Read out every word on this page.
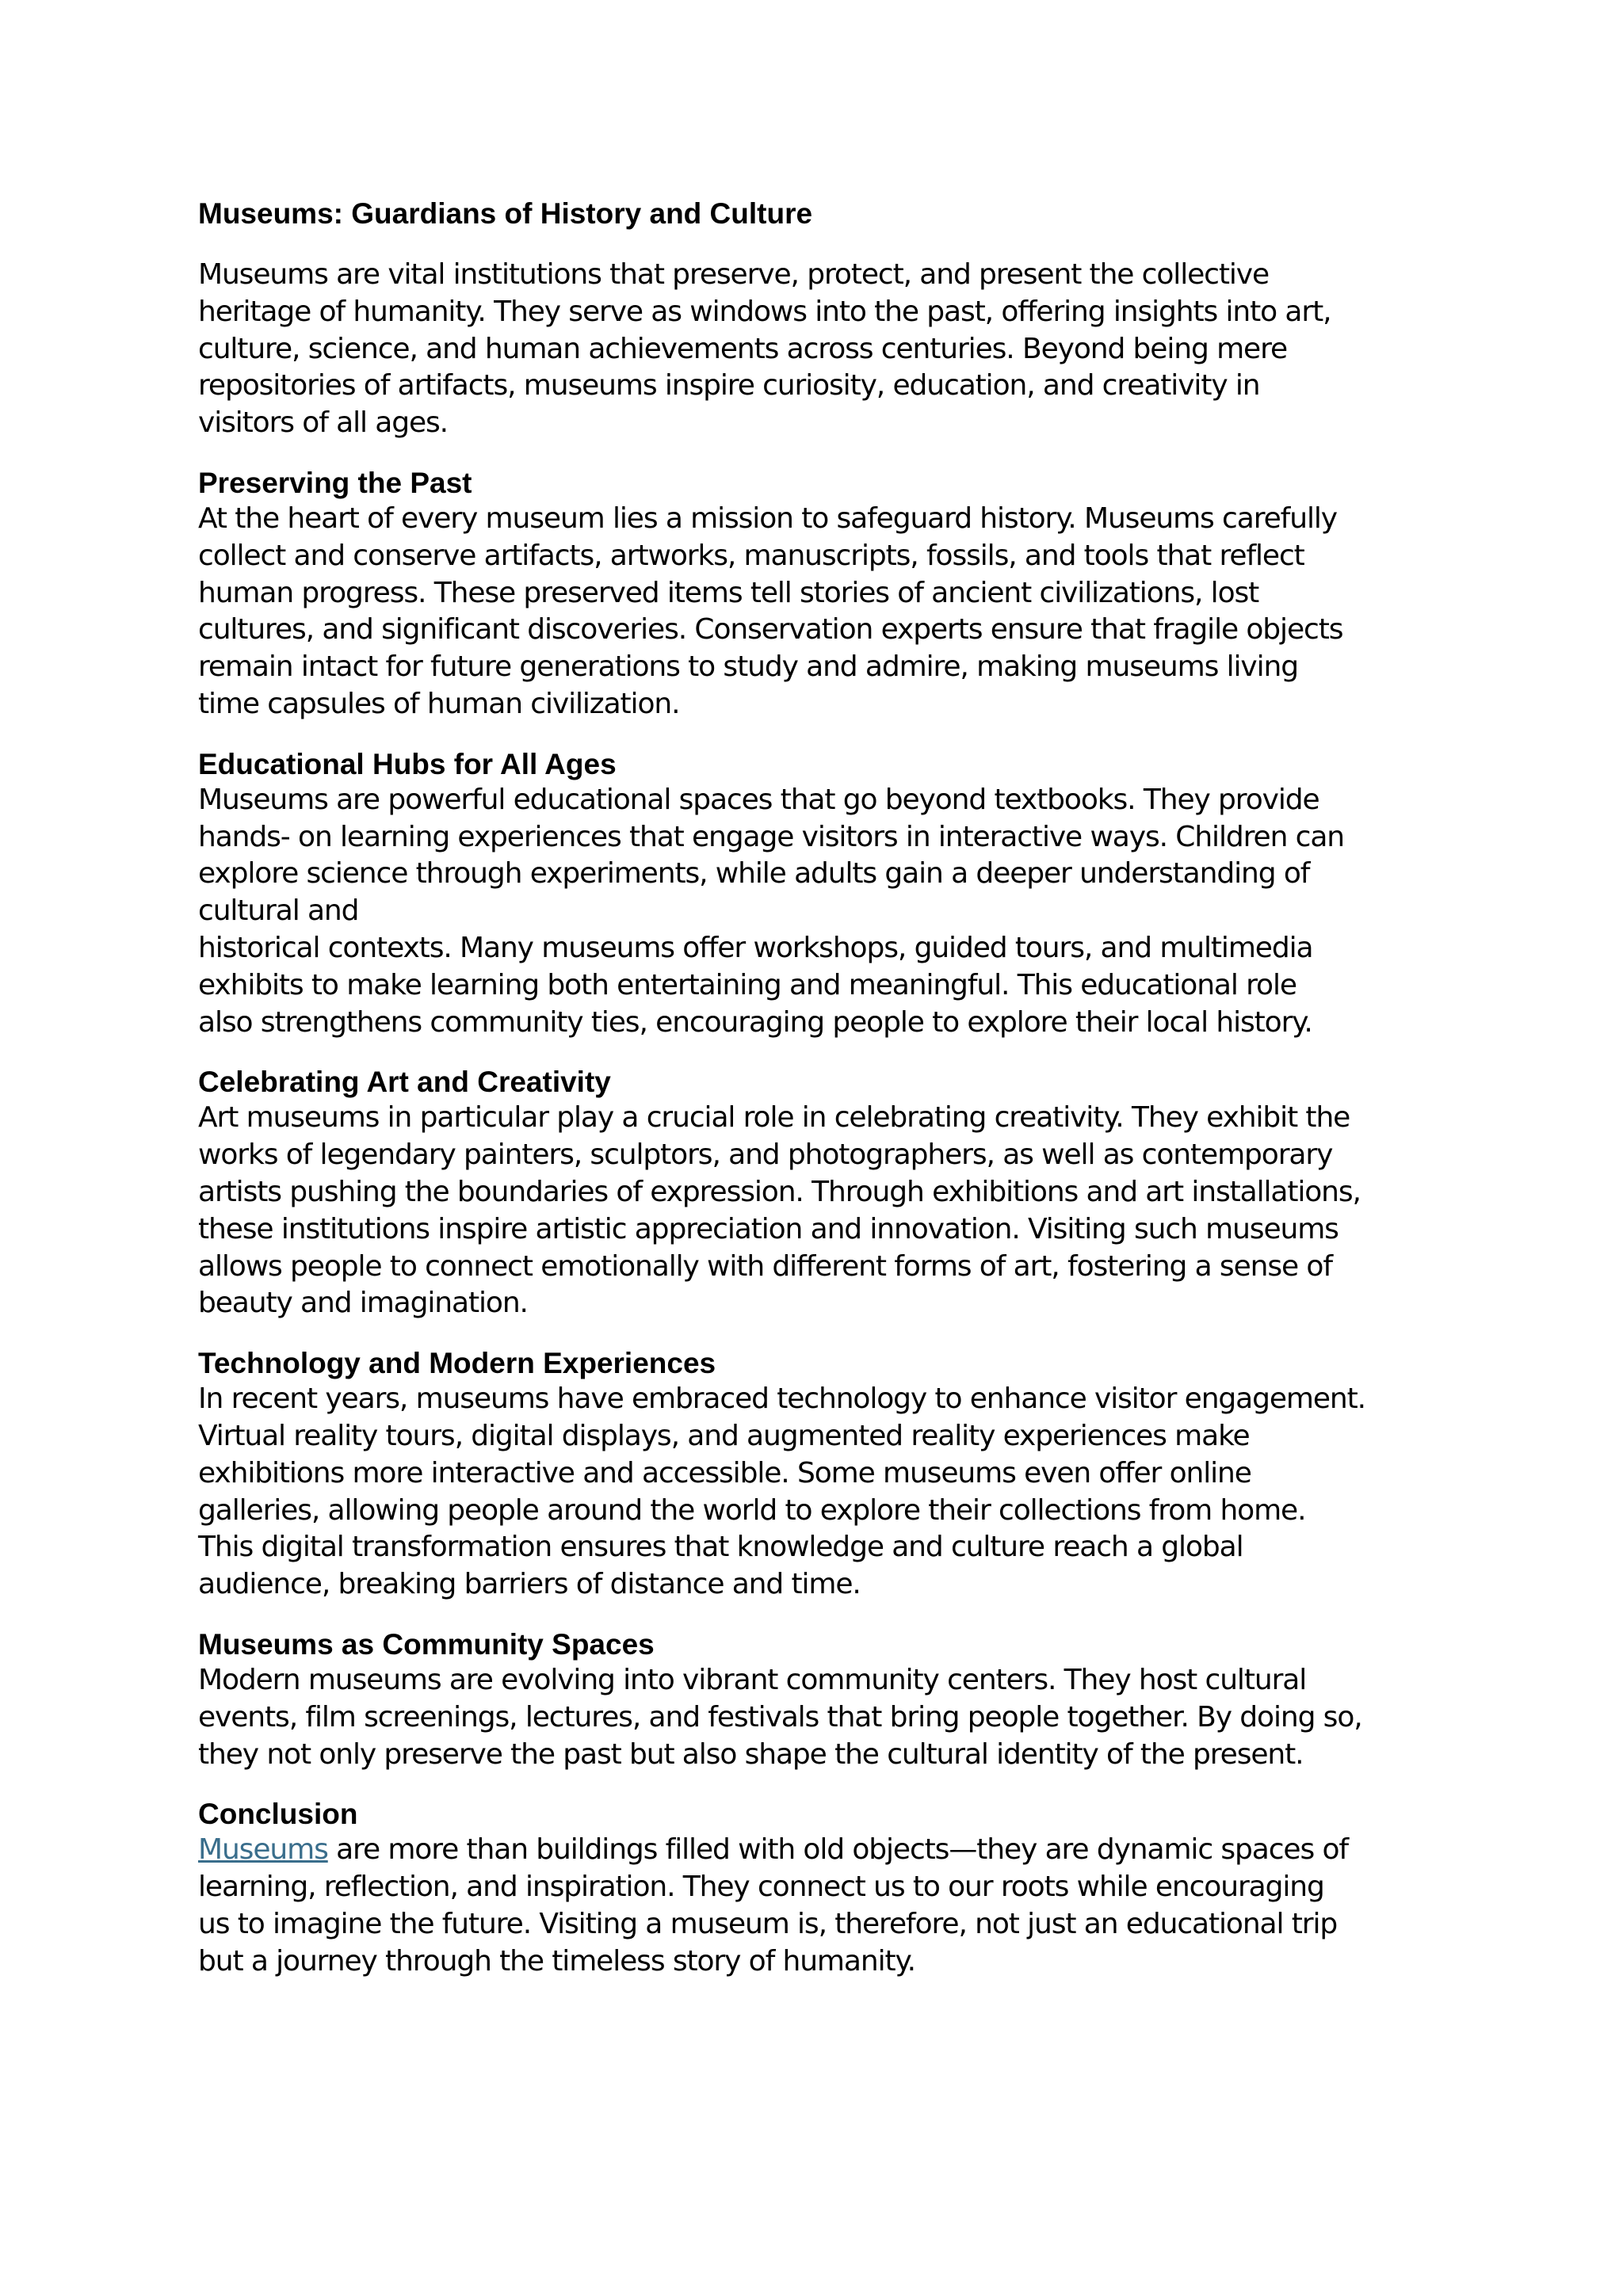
Museums: Guardians of History and Culture

Museums are vital institutions that preserve, protect, and present the collective
heritage of humanity. They serve as windows into the past, offering insights into art,
culture, science, and human achievements across centuries. Beyond being mere
repositories of artifacts, museums inspire curiosity, education, and creativity in
visitors of all ages.

Preserving the Past

At the heart of every museum lies a mission to safeguard history. Museums carefully
collect and conserve artifacts, artworks, manuscripts, fossils, and tools that reflect
human progress. These preserved items tell stories of ancient civilizations, lost
cultures, and significant discoveries. Conservation experts ensure that fragile objects
remain intact for future generations to study and admire, making museums living
time capsules of human civilization.

Educational Hubs for All Ages

Museums are powerful educational spaces that go beyond textbooks. They provide
hands- on learning experiences that engage visitors in interactive ways. Children can
explore science through experiments, while adults gain a deeper understanding of
cultural and
historical contexts. Many museums offer workshops, guided tours, and multimedia
exhibits to make learning both entertaining and meaningful. This educational role
also strengthens community ties, encouraging people to explore their local history.

Celebrating Art and Creativity

Art museums in particular play a crucial role in celebrating creativity. They exhibit the
works of legendary painters, sculptors, and photographers, as well as contemporary
artists pushing the boundaries of expression. Through exhibitions and art installations,
these institutions inspire artistic appreciation and innovation. Visiting such museums
allows people to connect emotionally with different forms of art, fostering a sense of
beauty and imagination.

Technology and Modern Experiences

In recent years, museums have embraced technology to enhance visitor engagement.
Virtual reality tours, digital displays, and augmented reality experiences make
exhibitions more interactive and accessible. Some museums even offer online
galleries, allowing people around the world to explore their collections from home.
This digital transformation ensures that knowledge and culture reach a global
audience, breaking barriers of distance and time.

Museums as Community Spaces

Modern museums are evolving into vibrant community centers. They host cultural
events, film screenings, lectures, and festivals that bring people together. By doing so,
they not only preserve the past but also shape the cultural identity of the present.

Conclusion

Museums are more than buildings filled with old objects—they are dynamic spaces of
learning, reflection, and inspiration. They connect us to our roots while encouraging
us to imagine the future. Visiting a museum is, therefore, not just an educational trip
but a journey through the timeless story of humanity.
